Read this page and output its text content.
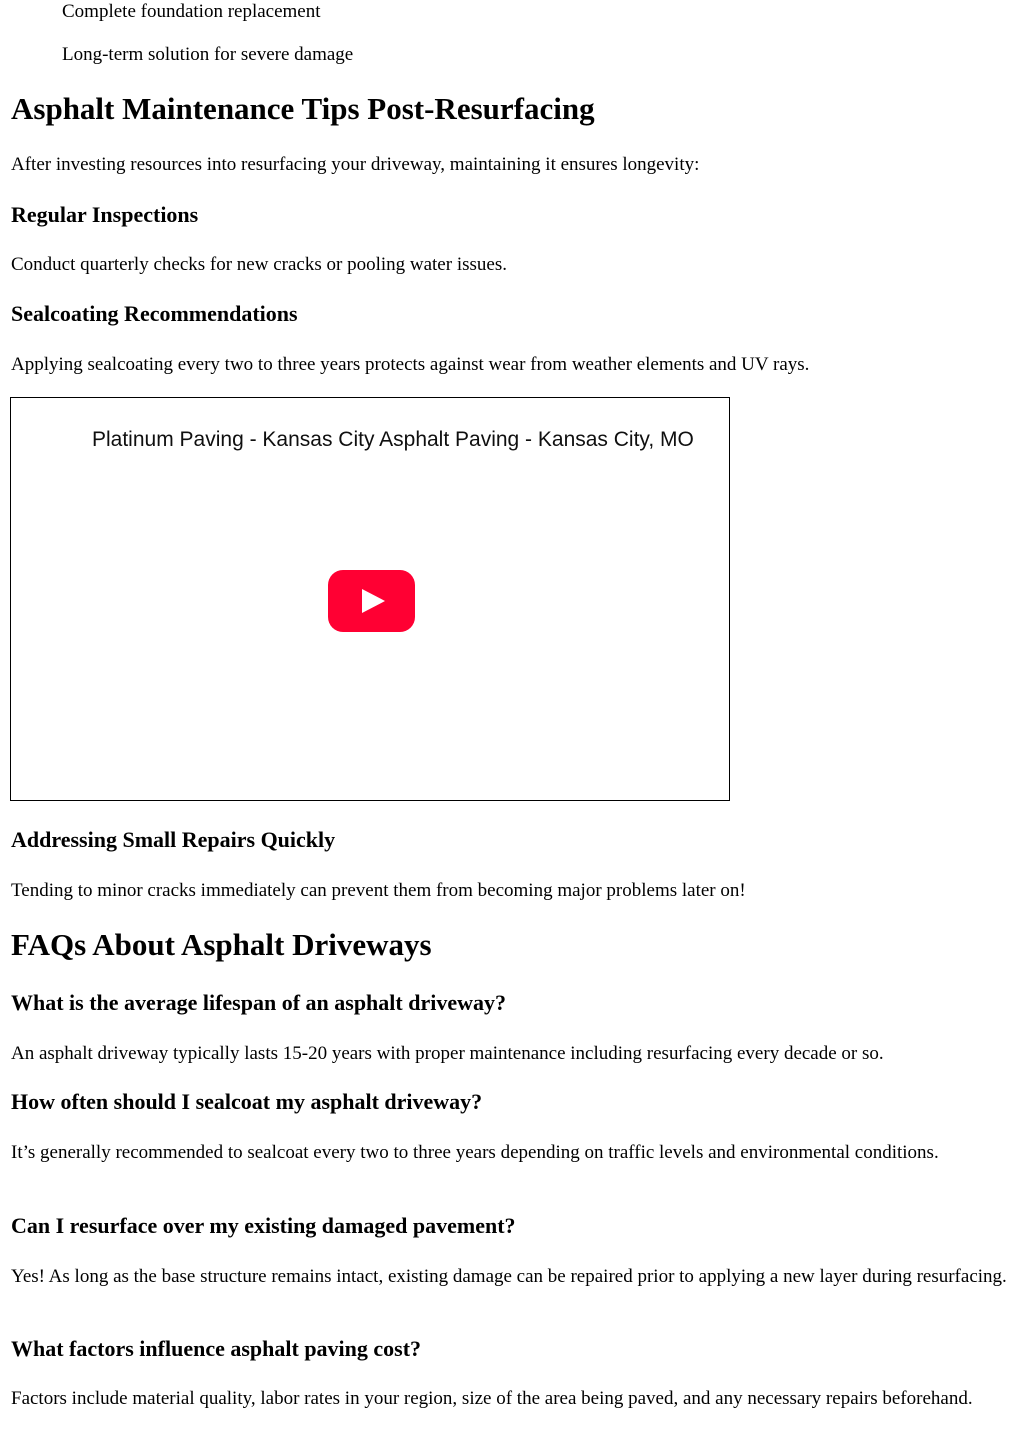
Complete foundation replacement

Long-term solution for severe damage

Asphalt Maintenance Tips Post-Resurfacing

After investing resources into resurfacing your driveway, maintaining it ensures longevity:

Regular Inspections

Conduct quarterly checks for new cracks or pooling water issues.

Sealcoating Recommendations

Applying sealcoating every two to three years protects against wear from weather elements and UV rays.

Platinum Paving - Kansas City Asphalt Paving - Kansas City, MO
Addressing Small Repairs Quickly

Tending to minor cracks immediately can prevent them from becoming major problems later on!

FAQs About Asphalt Driveways
What is the average lifespan of an asphalt driveway?

An asphalt driveway typically lasts 15-20 years with proper maintenance including resurfacing every decade or so.

How often should I sealcoat my asphalt driveway?

It’s generally recommended to sealcoat every two to three years depending on traffic levels and environmental conditions.

Can I resurface over my existing damaged pavement?

Yes! As long as the base structure remains intact, existing damage can be repaired prior to applying a new layer during resurfacing.

What factors influence asphalt paving cost?

Factors include material quality, labor rates in your region, size of the area being paved, and any necessary repairs beforehand.
